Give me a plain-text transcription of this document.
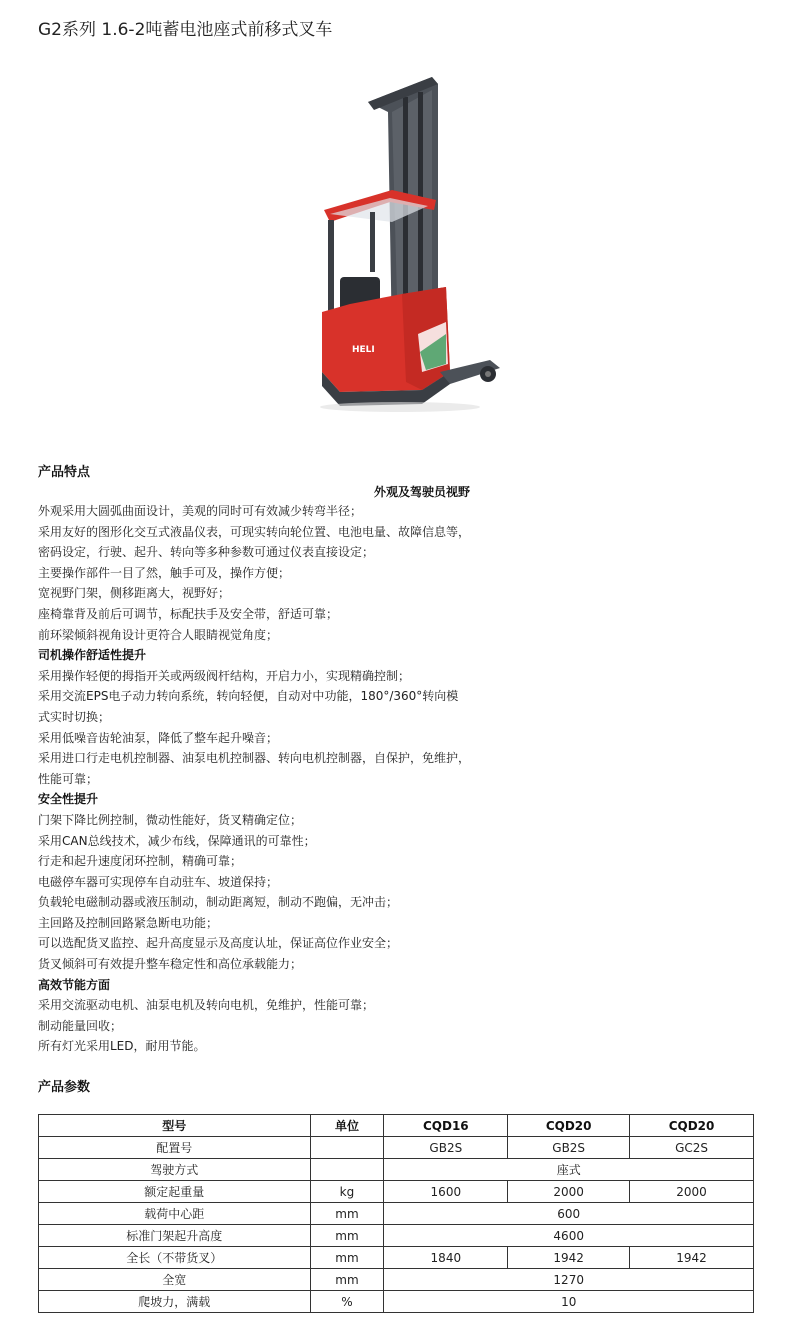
G2系列 1.6-2吨蓄电池座式前移式叉车
HELI
产品特点
外观及驾驶员视野
外观采用大圆弧曲面设计，美观的同时可有效减少转弯半径；
采用友好的图形化交互式液晶仪表，可现实转向轮位置、电池电量、故障信息等，
密码设定，行驶、起升、转向等多种参数可通过仪表直接设定；
主要操作部件一目了然，触手可及，操作方便；
宽视野门架，侧移距离大，视野好；
座椅靠背及前后可调节，标配扶手及安全带，舒适可靠；
前环梁倾斜视角设计更符合人眼睛视觉角度；
司机操作舒适性提升
采用操作轻便的拇指开关或两级阀杆结构，开启力小，实现精确控制；
采用交流EPS电子动力转向系统，转向轻便，自动对中功能，180°/360°转向模
式实时切换；
采用低噪音齿轮油泵，降低了整车起升噪音；
采用进口行走电机控制器、油泵电机控制器、转向电机控制器，自保护，免维护，
性能可靠；
安全性提升
门架下降比例控制，微动性能好，货叉精确定位；
采用CAN总线技术，减少布线，保障通讯的可靠性；
行走和起升速度闭环控制，精确可靠；
电磁停车器可实现停车自动驻车、坡道保持；
负载轮电磁制动器或液压制动，制动距离短，制动不跑偏，无冲击；
主回路及控制回路紧急断电功能；
可以选配货叉监控、起升高度显示及高度认址，保证高位作业安全；
货叉倾斜可有效提升整车稳定性和高位承载能力；
高效节能方面
采用交流驱动电机、油泵电机及转向电机，免维护，性能可靠；
制动能量回收；
所有灯光采用LED，耐用节能。
产品参数
型号	单位	CQD16	CQD20	CQD20
配置号		GB2S	GB2S	GC2S
驾驶方式		座式		
额定起重量	kg	1600	2000	2000
载荷中心距	mm	600		
标准门架起升高度	mm	4600		
全长（不带货叉）	mm	1840	1942	1942
全宽	mm	1270		
爬坡力，满载	%	10		
